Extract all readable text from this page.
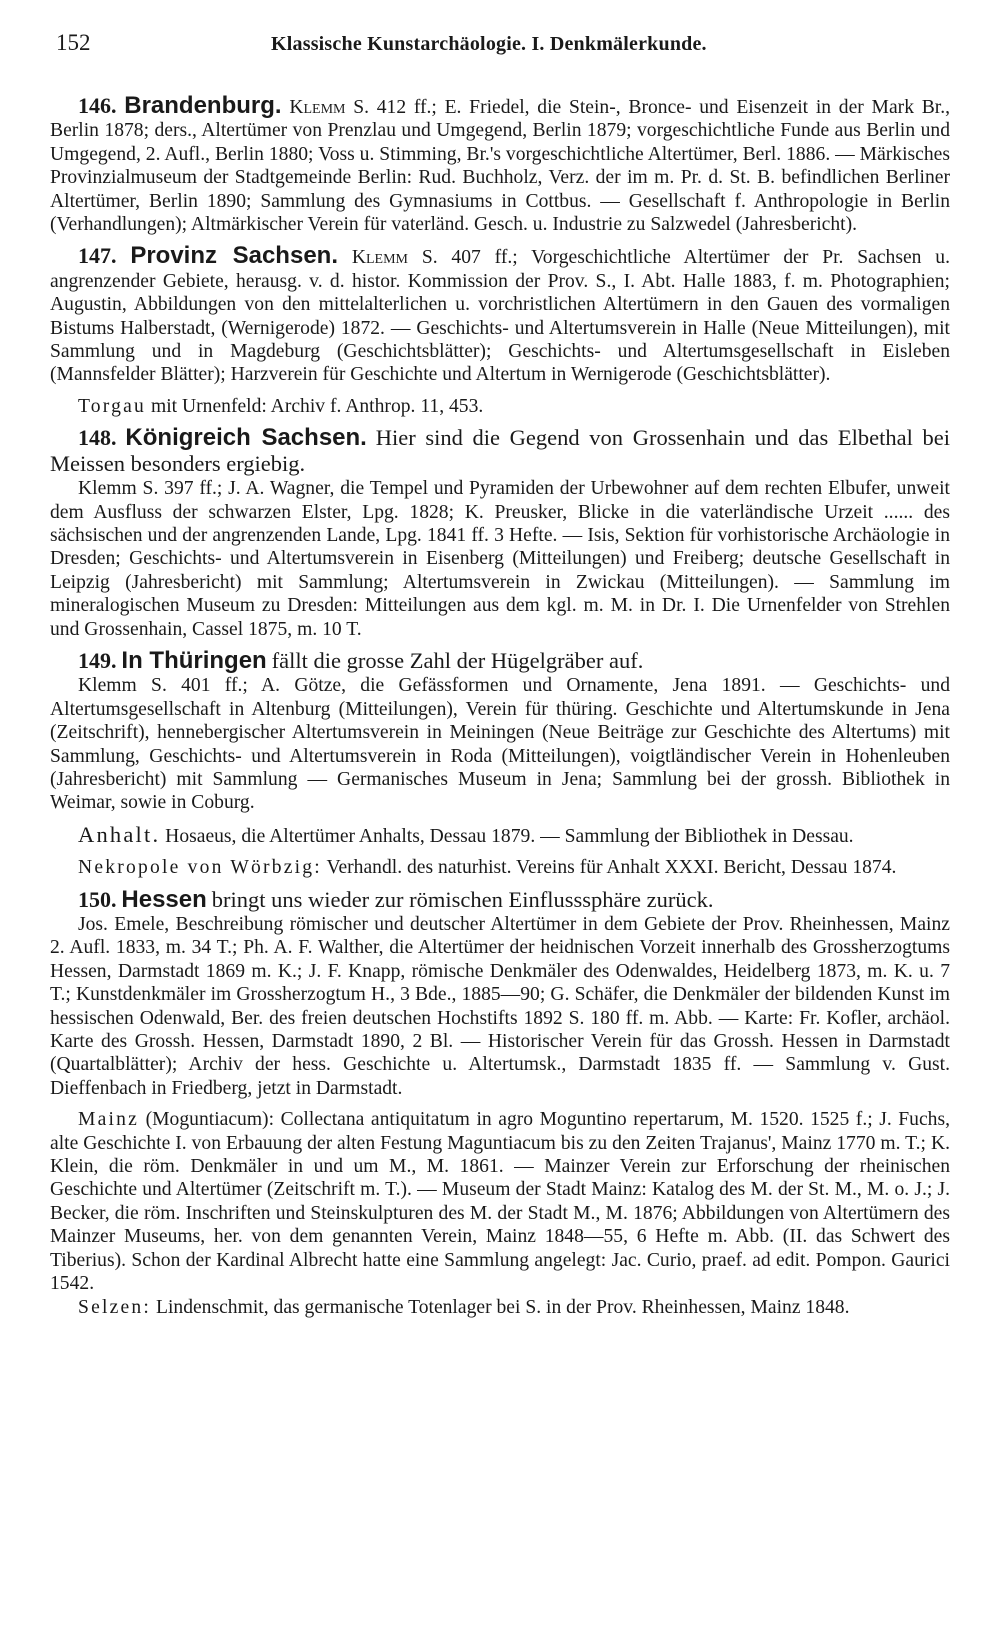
152	Klassische Kunstarchäologie. I. Denkmälerkunde.

146. Brandenburg. Klemm S. 412 ff.; E. Friedel, die Stein-, Bronce- und Eisenzeit in der Mark Br., Berlin 1878; ders., Altertümer von Prenzlau und Umgegend, Berlin 1879; vorgeschichtliche Funde aus Berlin und Umgegend, 2. Aufl., Berlin 1880; Voss u. Stimming, Br.'s vorgeschichtliche Altertümer, Berl. 1886. — Märkisches Provinzialmuseum der Stadtgemeinde Berlin: Rud. Buchholz, Verz. der im m. Pr. d. St. B. befindlichen Berliner Altertümer, Berlin 1890; Sammlung des Gymnasiums in Cottbus. — Gesellschaft f. Anthropologie in Berlin (Verhandlungen); Altmärkischer Verein für vaterländ. Gesch. u. Industrie zu Salzwedel (Jahresbericht).

147. Provinz Sachsen. Klemm S. 407 ff.; Vorgeschichtliche Altertümer der Pr. Sachsen u. angrenzender Gebiete, herausg. v. d. histor. Kommission der Prov. S., I. Abt. Halle 1883, f. m. Photographien; Augustin, Abbildungen von den mittelalterlichen u. vorchristlichen Altertümern in den Gauen des vormaligen Bistums Halberstadt, (Wernigerode) 1872. — Geschichts- und Altertumsverein in Halle (Neue Mitteilungen), mit Sammlung und in Magdeburg (Geschichtsblätter); Geschichts- und Altertumsgesellschaft in Eisleben (Mannsfelder Blätter); Harzverein für Geschichte und Altertum in Wernigerode (Geschichtsblätter).

Torgau mit Urnenfeld: Archiv f. Anthrop. 11, 453.

148. Königreich Sachsen. Hier sind die Gegend von Grossenhain und das Elbethal bei Meissen besonders ergiebig.

Klemm S. 397 ff.; J. A. Wagner, die Tempel und Pyramiden der Urbewohner auf dem rechten Elbufer, unweit dem Ausfluss der schwarzen Elster, Lpg. 1828; K. Preusker, Blicke in die vaterländische Urzeit ...... des sächsischen und der angrenzenden Lande, Lpg. 1841 ff. 3 Hefte. — Isis, Sektion für vorhistorische Archäologie in Dresden; Geschichts- und Altertumsverein in Eisenberg (Mitteilungen) und Freiberg; deutsche Gesellschaft in Leipzig (Jahresbericht) mit Sammlung; Altertumsverein in Zwickau (Mitteilungen). — Sammlung im mineralogischen Museum zu Dresden: Mitteilungen aus dem kgl. m. M. in Dr. I. Die Urnenfelder von Strehlen und Grossenhain, Cassel 1875, m. 10 T.

149. In Thüringen fällt die grosse Zahl der Hügelgräber auf.

Klemm S. 401 ff.; A. Götze, die Gefässformen und Ornamente, Jena 1891. — Geschichts- und Altertumsgesellschaft in Altenburg (Mitteilungen), Verein für thüring. Geschichte und Altertumskunde in Jena (Zeitschrift), hennebergischer Altertumsverein in Meiningen (Neue Beiträge zur Geschichte des Altertums) mit Sammlung, Geschichts- und Altertumsverein in Roda (Mitteilungen), voigtländischer Verein in Hohenleuben (Jahresbericht) mit Sammlung — Germanisches Museum in Jena; Sammlung bei der grossh. Bibliothek in Weimar, sowie in Coburg.

Anhalt. Hosaeus, die Altertümer Anhalts, Dessau 1879. — Sammlung der Bibliothek in Dessau.

Nekropole von Wörbzig: Verhandl. des naturhist. Vereins für Anhalt XXXI. Bericht, Dessau 1874.

150. Hessen bringt uns wieder zur römischen Einflusssphäre zurück.

Jos. Emele, Beschreibung römischer und deutscher Altertümer in dem Gebiete der Prov. Rheinhessen, Mainz 2. Aufl. 1833, m. 34 T.; Ph. A. F. Walther, die Altertümer der heidnischen Vorzeit innerhalb des Grossherzogtums Hessen, Darmstadt 1869 m. K.; J. F. Knapp, römische Denkmäler des Odenwaldes, Heidelberg 1873, m. K. u. 7 T.; Kunstdenkmäler im Grossherzogtum H., 3 Bde., 1885—90; G. Schäfer, die Denkmäler der bildenden Kunst im hessischen Odenwald, Ber. des freien deutschen Hochstifts 1892 S. 180 ff. m. Abb. — Karte: Fr. Kofler, archäol. Karte des Grossh. Hessen, Darmstadt 1890, 2 Bl. — Historischer Verein für das Grossh. Hessen in Darmstadt (Quartalblätter); Archiv der hess. Geschichte u. Altertumsk., Darmstadt 1835 ff. — Sammlung v. Gust. Dieffenbach in Friedberg, jetzt in Darmstadt.

Mainz (Moguntiacum): Collectana antiquitatum in agro Moguntino repertarum, M. 1520. 1525 f.; J. Fuchs, alte Geschichte I. von Erbauung der alten Festung Maguntiacum bis zu den Zeiten Trajanus', Mainz 1770 m. T.; K. Klein, die röm. Denkmäler in und um M., M. 1861. — Mainzer Verein zur Erforschung der rheinischen Geschichte und Altertümer (Zeitschrift m. T.). — Museum der Stadt Mainz: Katalog des M. der St. M., M. o. J.; J. Becker, die röm. Inschriften und Steinskulpturen des M. der Stadt M., M. 1876; Abbildungen von Altertümern des Mainzer Museums, her. von dem genannten Verein, Mainz 1848—55, 6 Hefte m. Abb. (II. das Schwert des Tiberius). Schon der Kardinal Albrecht hatte eine Sammlung angelegt: Jac. Curio, praef. ad edit. Pompon. Gaurici 1542.

Selzen: Lindenschmit, das germanische Totenlager bei S. in der Prov. Rheinhessen, Mainz 1848.
